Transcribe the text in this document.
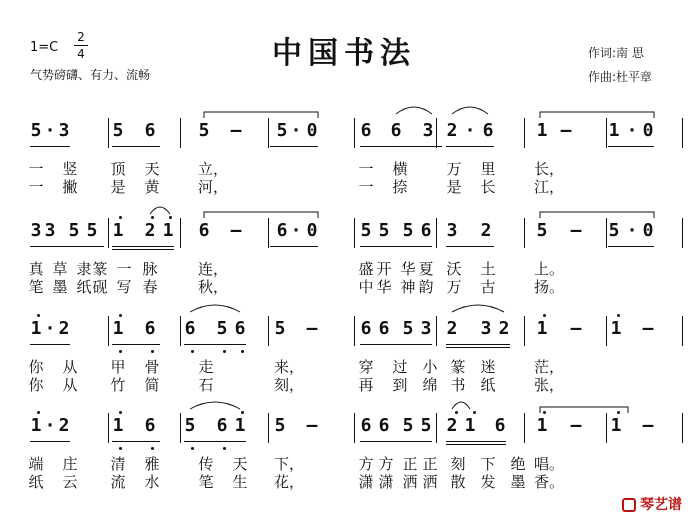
中国书法
1=C
2
4
气势磅礴、有力、流畅
作词:南 思
作曲:杜平章
琴艺谱
5 · 3 5 6 5 – 5 · 0 6 6 3 2 · 6 1 – 1 · 0
一 竖 顶 天	立，	一 横	万 里	长，
一 撇 是 黄	河，	一 捺	是 长	江，
3 3 5 5 1 2 1 6 – 6 · 0 5 5 5 6 3 2	5 – 5 · 0
真 草 隶 篆 一 脉	连，	盛 开 华 夏 沃 土	上。
笔 墨 纸 砚 写 春	秋，	中 华 神 韵 万 古	扬。
1 · 2 1 6 6 5 6 5 – 6 6 5 3 2 3 2 1 – 1 –
你 从 甲 骨	走	来，	穿 过 小 篆 迷	茫，
你 从 竹 简	石	刻，	再 到 绵 书 纸	张，
1 · 2 1 6 5 6 1 5 – 6 6 5 5 2 1 6 1 – 1 –
端 庄 清 雅	传 天 下，	方 方 正 正 刻 下 绝 唱。
纸 云 流 水	笔 生 花，	潇 潇 洒 洒 散 发 墨 香。
